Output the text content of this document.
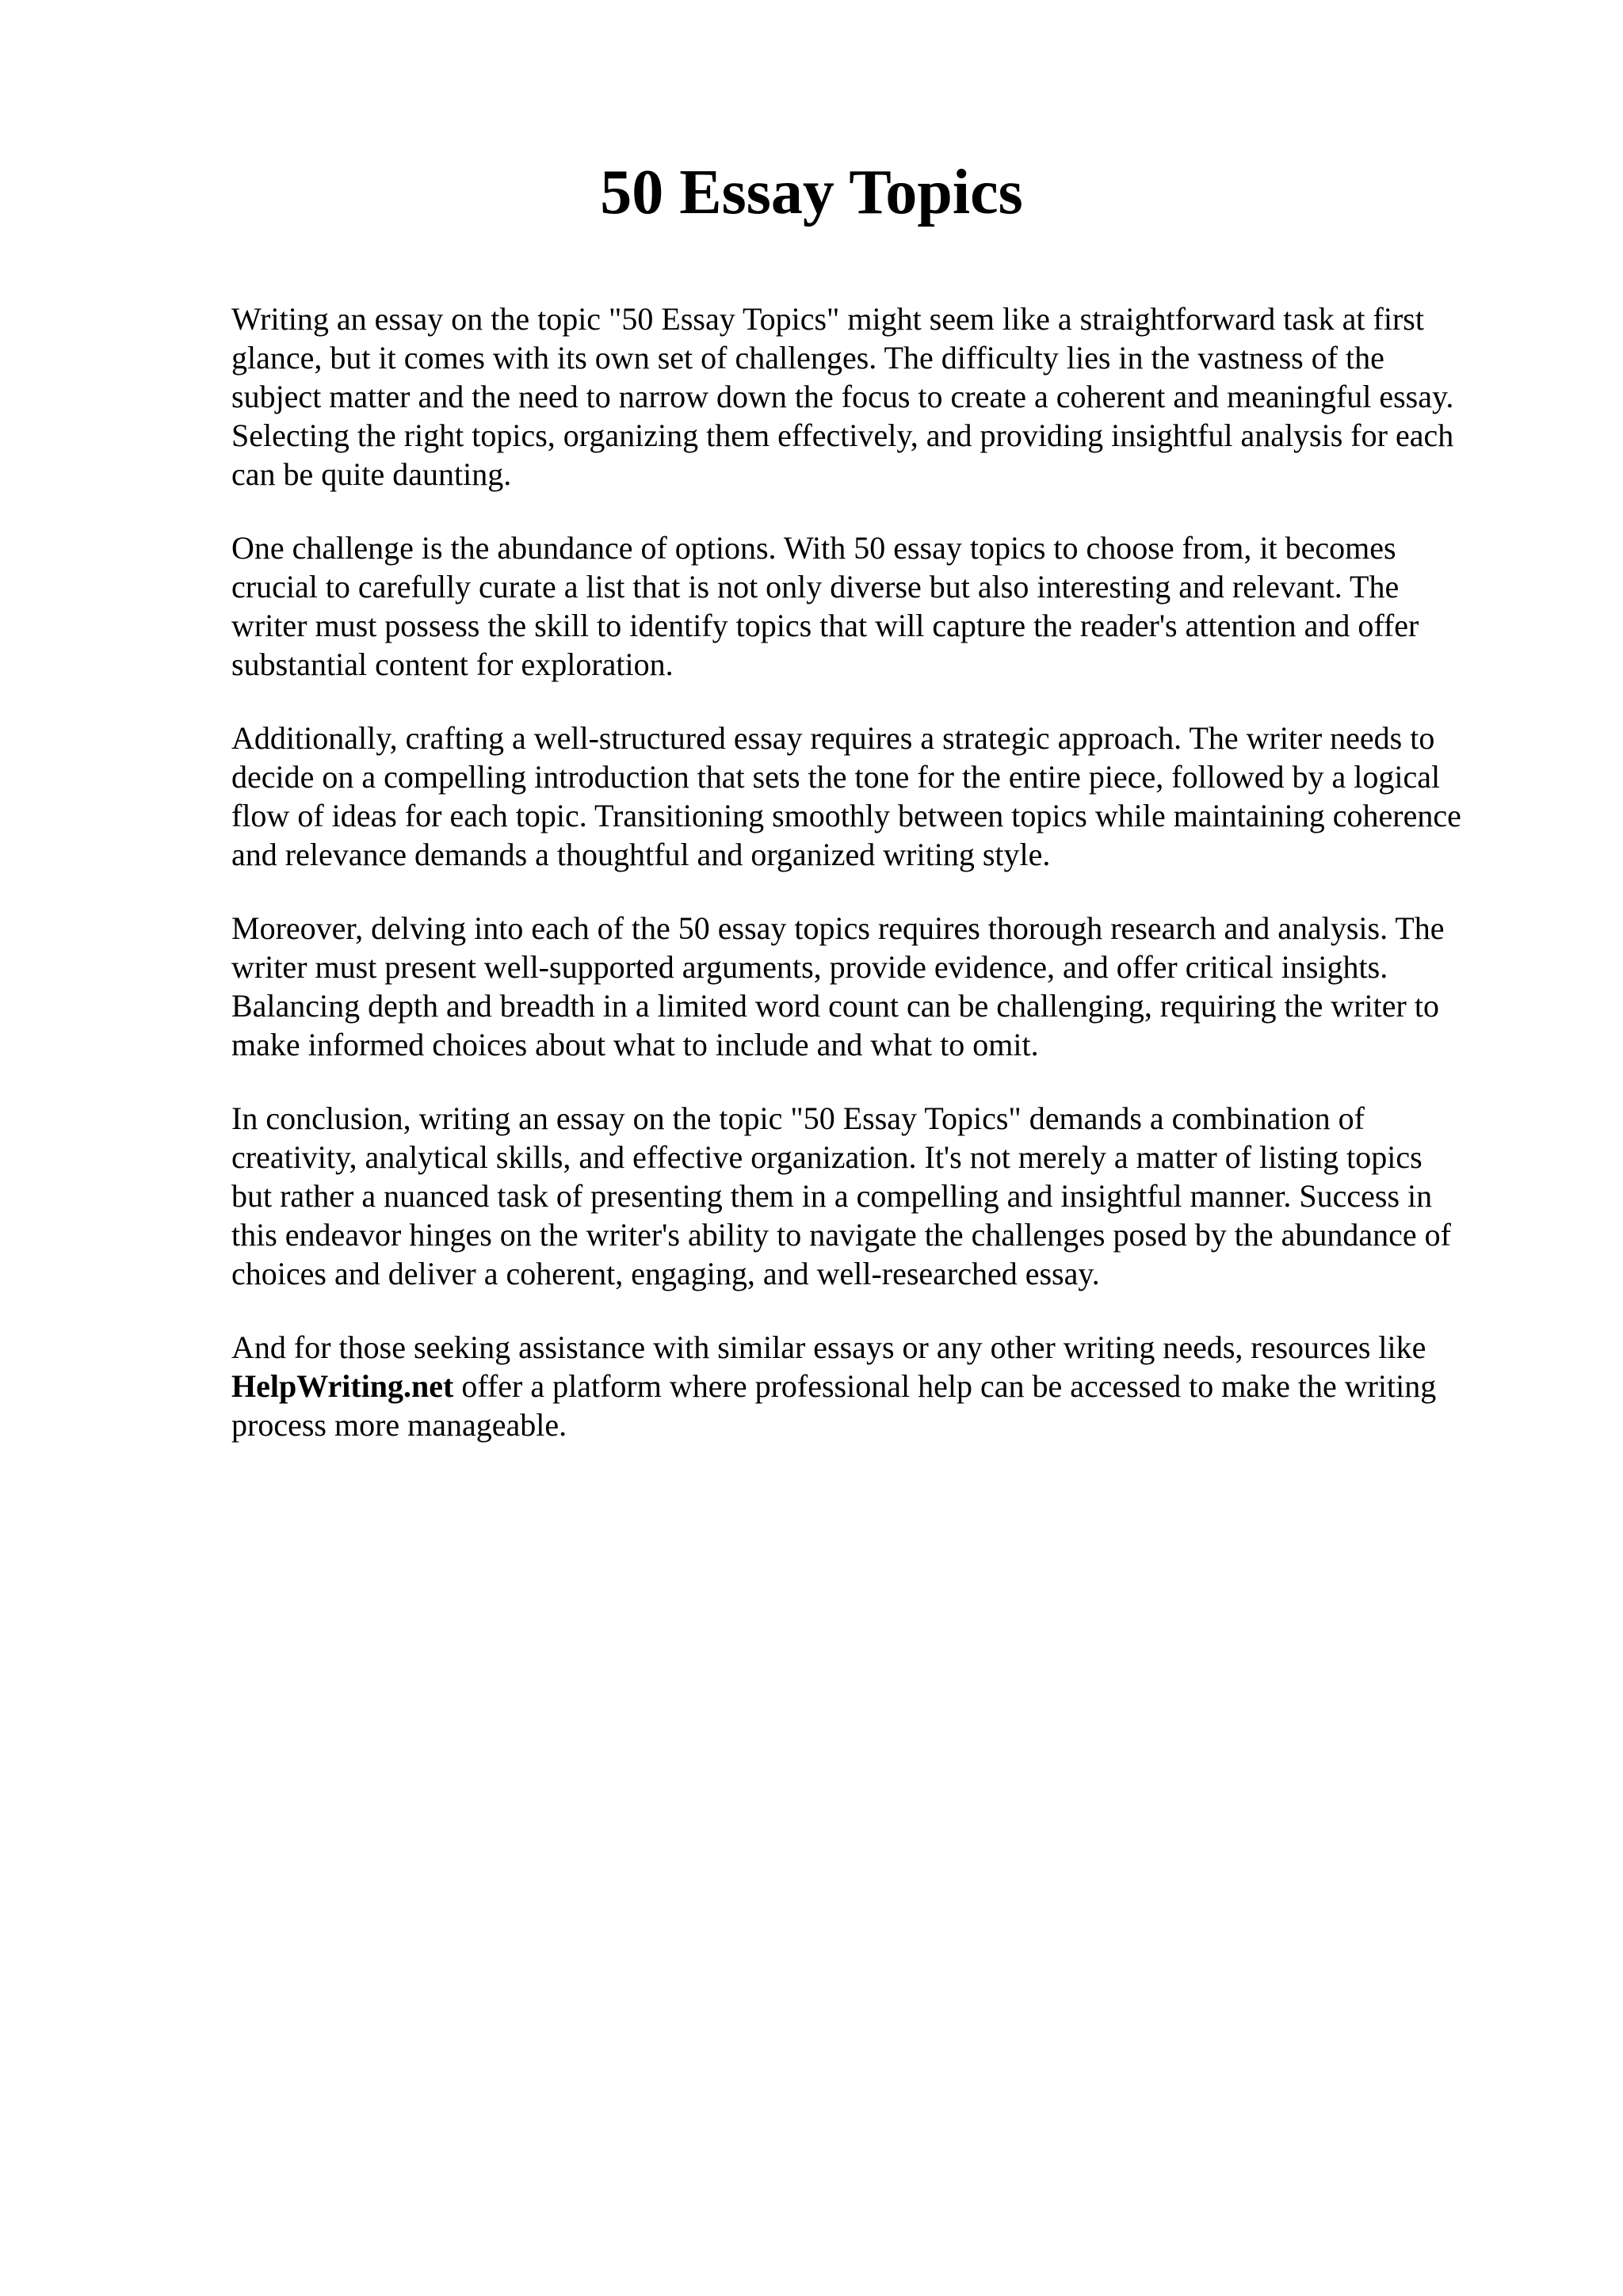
50 Essay Topics

Writing an essay on the topic "50 Essay Topics" might seem like a straightforward task at first
glance, but it comes with its own set of challenges. The difficulty lies in the vastness of the
subject matter and the need to narrow down the focus to create a coherent and meaningful essay.
Selecting the right topics, organizing them effectively, and providing insightful analysis for each
can be quite daunting.

One challenge is the abundance of options. With 50 essay topics to choose from, it becomes
crucial to carefully curate a list that is not only diverse but also interesting and relevant. The
writer must possess the skill to identify topics that will capture the reader's attention and offer
substantial content for exploration.

Additionally, crafting a well-structured essay requires a strategic approach. The writer needs to
decide on a compelling introduction that sets the tone for the entire piece, followed by a logical
flow of ideas for each topic. Transitioning smoothly between topics while maintaining coherence
and relevance demands a thoughtful and organized writing style.

Moreover, delving into each of the 50 essay topics requires thorough research and analysis. The
writer must present well-supported arguments, provide evidence, and offer critical insights.
Balancing depth and breadth in a limited word count can be challenging, requiring the writer to
make informed choices about what to include and what to omit.

In conclusion, writing an essay on the topic "50 Essay Topics" demands a combination of
creativity, analytical skills, and effective organization. It's not merely a matter of listing topics
but rather a nuanced task of presenting them in a compelling and insightful manner. Success in
this endeavor hinges on the writer's ability to navigate the challenges posed by the abundance of
choices and deliver a coherent, engaging, and well-researched essay.

And for those seeking assistance with similar essays or any other writing needs, resources like
HelpWriting.net offer a platform where professional help can be accessed to make the writing
process more manageable.
